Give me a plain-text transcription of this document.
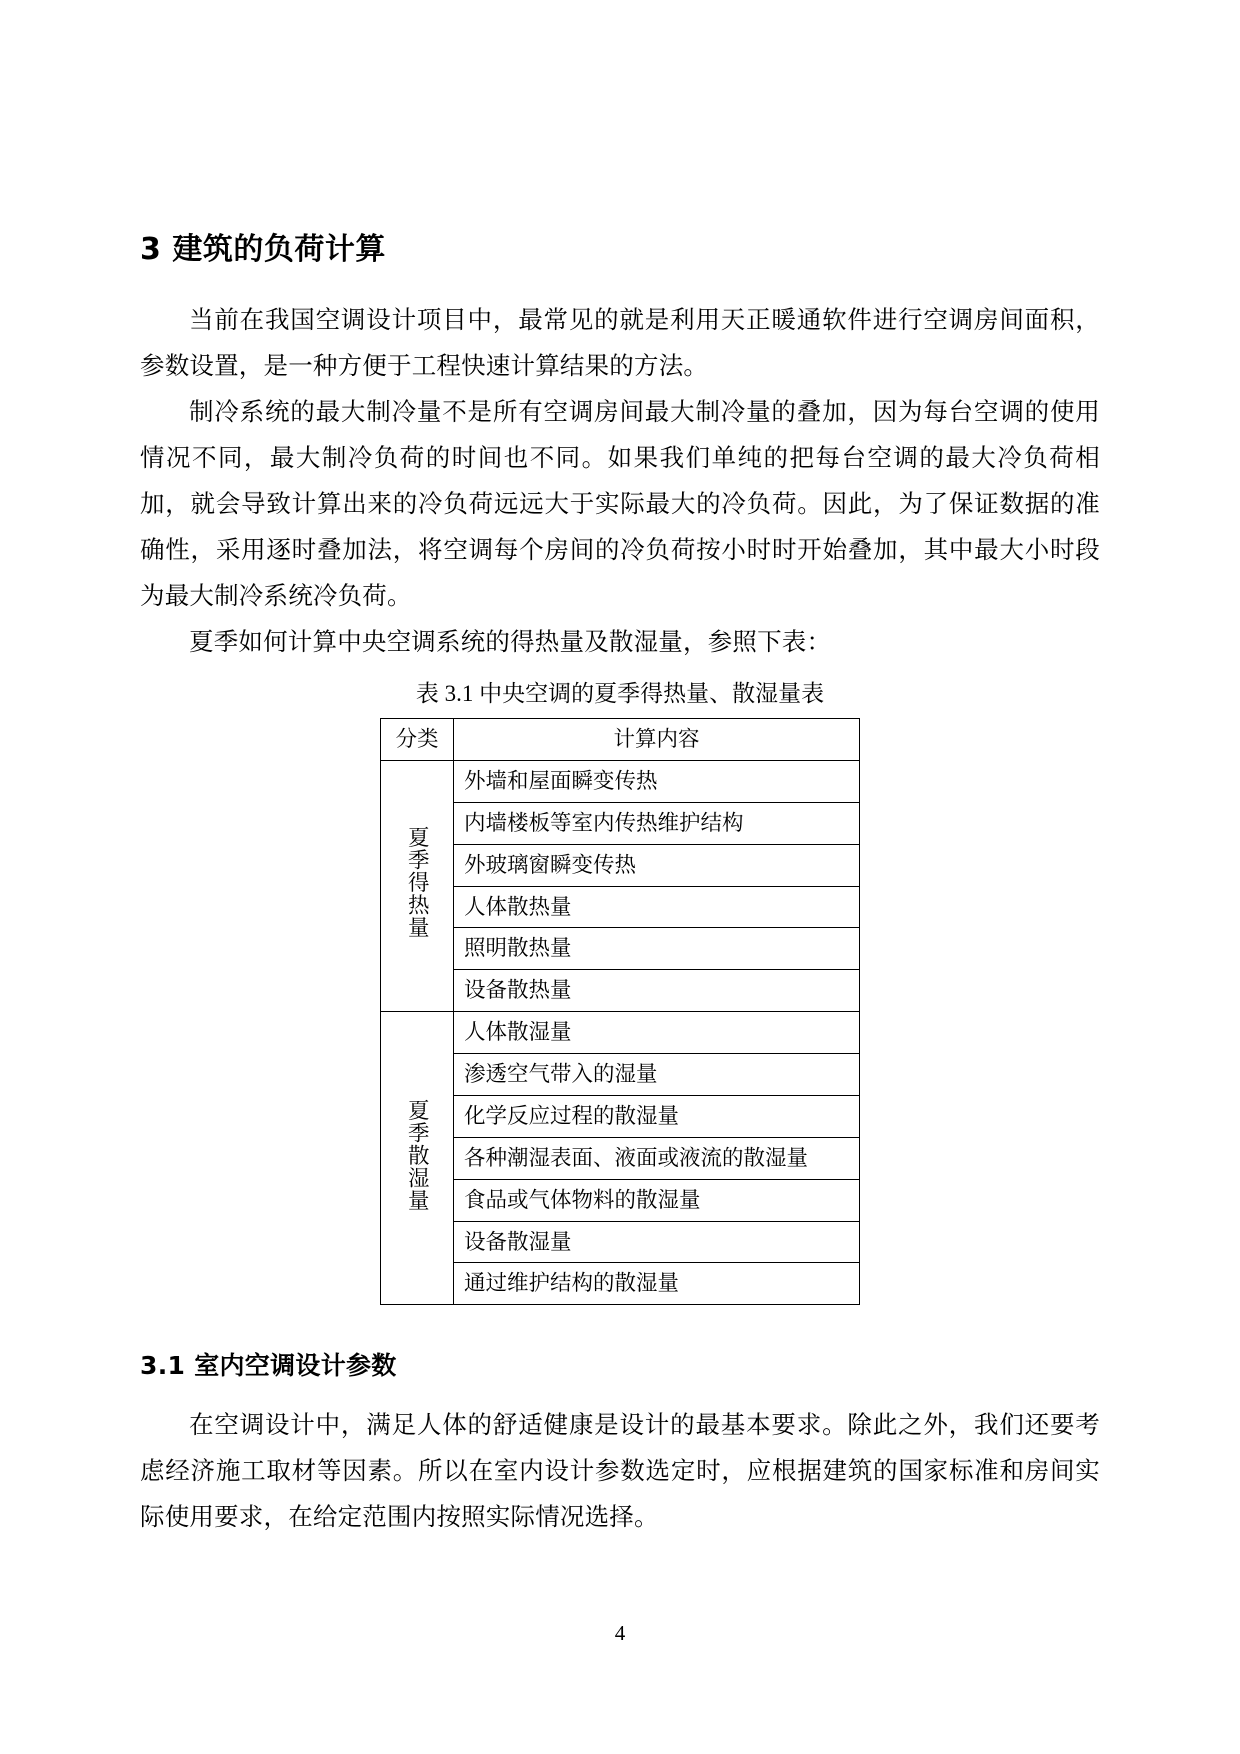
3 建筑的负荷计算

当前在我国空调设计项目中，最常见的就是利用天正暖通软件进行空调房间面积，参数设置，是一种方便于工程快速计算结果的方法。

制冷系统的最大制冷量不是所有空调房间最大制冷量的叠加，因为每台空调的使用情况不同，最大制冷负荷的时间也不同。如果我们单纯的把每台空调的最大冷负荷相加，就会导致计算出来的冷负荷远远大于实际最大的冷负荷。因此，为了保证数据的准确性，采用逐时叠加法，将空调每个房间的冷负荷按小时时开始叠加，其中最大小时段为最大制冷系统冷负荷。

夏季如何计算中央空调系统的得热量及散湿量，参照下表：

表 3.1 中央空调的夏季得热量、散湿量表
分类	计算内容
夏季得热量	外墙和屋面瞬变传热
	内墙楼板等室内传热维护结构
	外玻璃窗瞬变传热
	人体散热量
	照明散热量
	设备散热量
夏季散湿量	人体散湿量
	渗透空气带入的湿量
	化学反应过程的散湿量
	各种潮湿表面、液面或液流的散湿量
	食品或气体物料的散湿量
	设备散湿量
	通过维护结构的散湿量
3.1 室内空调设计参数

在空调设计中，满足人体的舒适健康是设计的最基本要求。除此之外，我们还要考虑经济施工取材等因素。所以在室内设计参数选定时，应根据建筑的国家标准和房间实际使用要求，在给定范围内按照实际情况选择。

4
